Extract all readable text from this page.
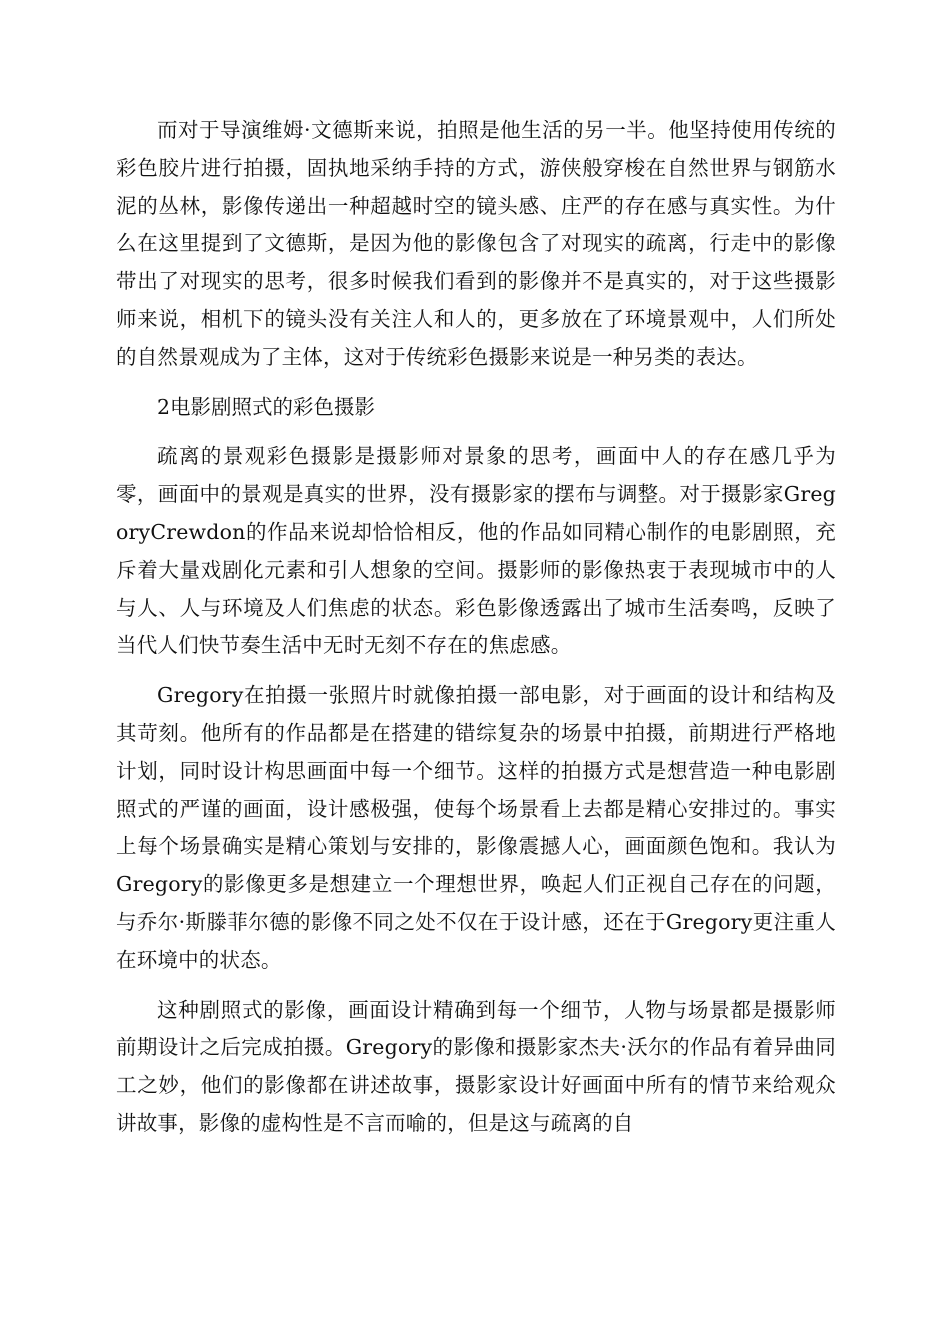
而对于导演维姆·文德斯来说，拍照是他生活的另一半。他坚持使用传统的彩色胶片进行拍摄，固执地采纳手持的方式，游侠般穿梭在自然世界与钢筋水泥的丛林，影像传递出一种超越时空的镜头感、庄严的存在感与真实性。为什么在这里提到了文德斯，是因为他的影像包含了对现实的疏离，行走中的影像带出了对现实的思考，很多时候我们看到的影像并不是真实的，对于这些摄影师来说，相机下的镜头没有关注人和人的，更多放在了环境景观中，人们所处的自然景观成为了主体，这对于传统彩色摄影来说是一种另类的表达。

2电影剧照式的彩色摄影

疏离的景观彩色摄影是摄影师对景象的思考，画面中人的存在感几乎为零，画面中的景观是真实的世界，没有摄影家的摆布与调整。对于摄影家GregoryCrewdon的作品来说却恰恰相反，他的作品如同精心制作的电影剧照，充斥着大量戏剧化元素和引人想象的空间。摄影师的影像热衷于表现城市中的人与人、人与环境及人们焦虑的状态。彩色影像透露出了城市生活奏鸣，反映了当代人们快节奏生活中无时无刻不存在的焦虑感。

Gregory在拍摄一张照片时就像拍摄一部电影，对于画面的设计和结构及其苛刻。他所有的作品都是在搭建的错综复杂的场景中拍摄，前期进行严格地计划，同时设计构思画面中每一个细节。这样的拍摄方式是想营造一种电影剧照式的严谨的画面，设计感极强，使每个场景看上去都是精心安排过的。事实上每个场景确实是精心策划与安排的，影像震撼人心，画面颜色饱和。我认为Gregory的影像更多是想建立一个理想世界，唤起人们正视自己存在的问题，与乔尔·斯滕菲尔德的影像不同之处不仅在于设计感，还在于Gregory更注重人在环境中的状态。

这种剧照式的影像，画面设计精确到每一个细节，人物与场景都是摄影师前期设计之后完成拍摄。Gregory的影像和摄影家杰夫·沃尔的作品有着异曲同工之妙，他们的影像都在讲述故事，摄影家设计好画面中所有的情节来给观众讲故事，影像的虚构性是不言而喻的，但是这与疏离的自
